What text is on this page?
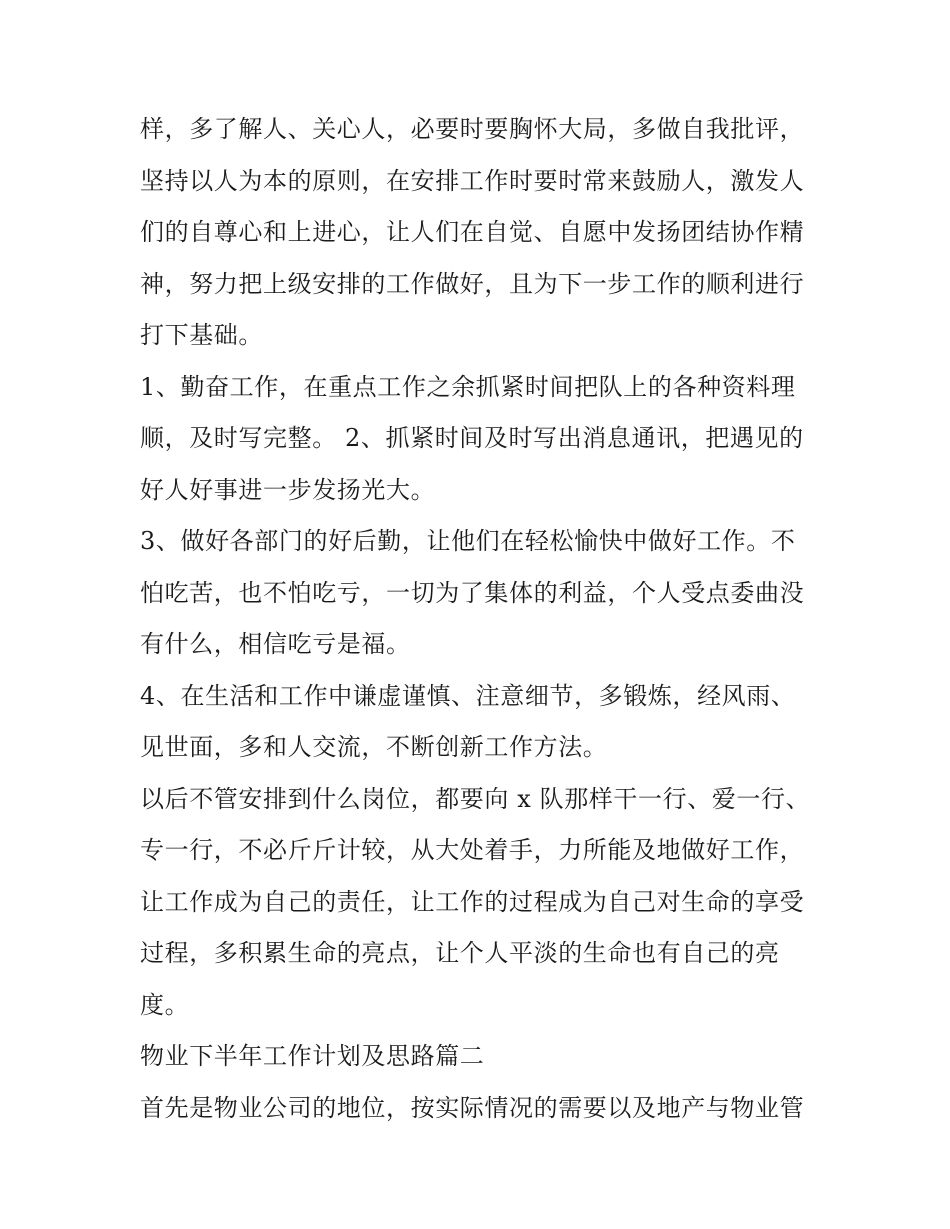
样，多了解人、关心人，必要时要胸怀大局，多做自我批评，
坚持以人为本的原则，在安排工作时要时常来鼓励人，激发人
们的自尊心和上进心，让人们在自觉、自愿中发扬团结协作精
神，努力把上级安排的工作做好，且为下一步工作的顺利进行
打下基础。
1、勤奋工作，在重点工作之余抓紧时间把队上的各种资料理
顺，及时写完整。 2、抓紧时间及时写出消息通讯，把遇见的
好人好事进一步发扬光大。
3、做好各部门的好后勤，让他们在轻松愉快中做好工作。不
怕吃苦，也不怕吃亏，一切为了集体的利益，个人受点委曲没
有什么，相信吃亏是福。
4、在生活和工作中谦虚谨慎、注意细节，多锻炼，经风雨、
见世面，多和人交流，不断创新工作方法。
以后不管安排到什么岗位，都要向 x 队那样干一行、爱一行、
专一行，不必斤斤计较，从大处着手，力所能及地做好工作，
让工作成为自己的责任，让工作的过程成为自己对生命的享受
过程，多积累生命的亮点，让个人平淡的生命也有自己的亮
度。
物业下半年工作计划及思路篇二
首先是物业公司的地位，按实际情况的需要以及地产与物业管
